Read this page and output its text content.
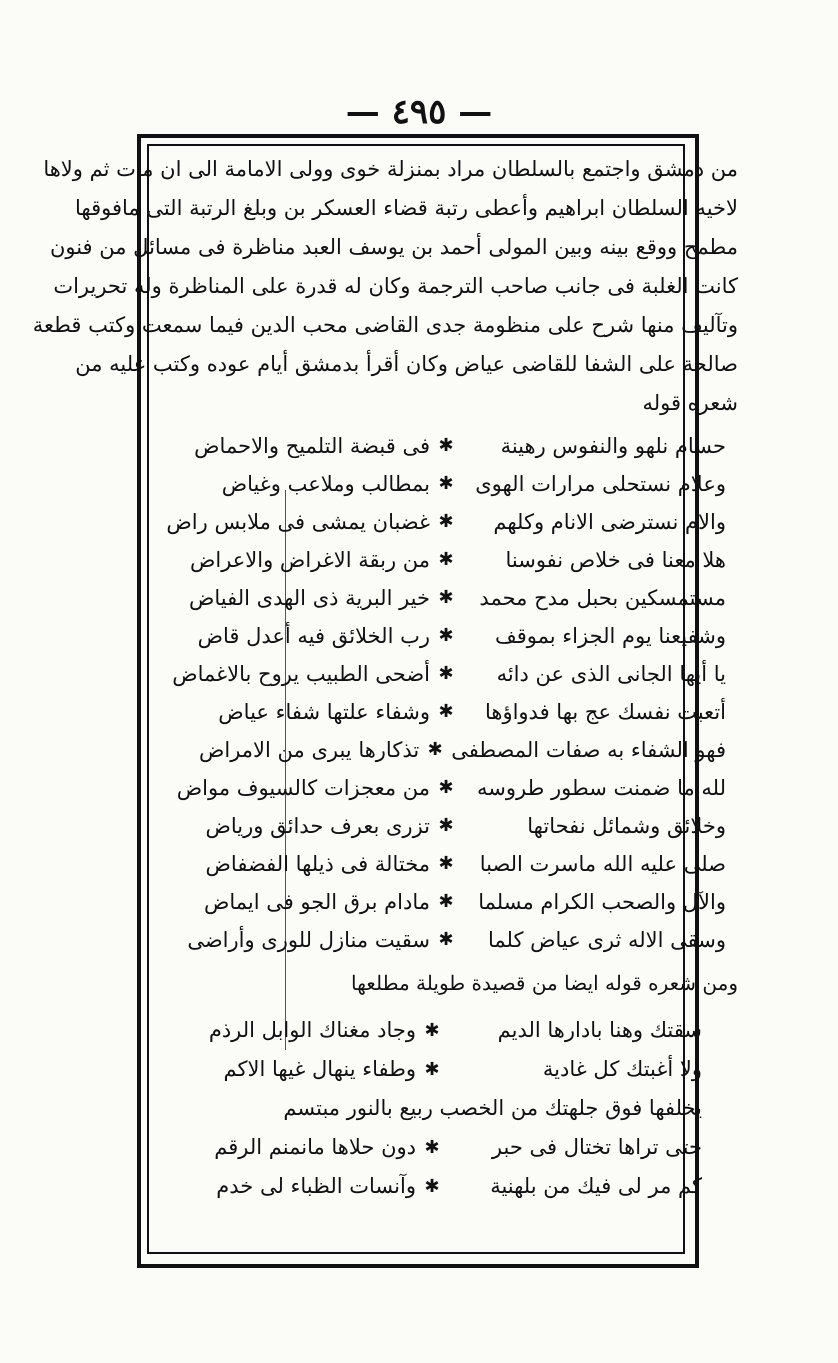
— ٤٩٥ —
من دمشق واجتمع بالسلطان مراد بمنزلة خوى وولى الامامة الى ان مات ثم ولاها
لاخيه السلطان ابراهيم وأعطى رتبة قضاء العسكر بن وبلغ الرتبة التى مافوقها
مطمح ووقع بينه وبين المولى أحمد بن يوسف العبد مناظرة فى مسائل من فنون
كانت الغلبة فى جانب صاحب الترجمة وكان له قدرة على المناظرة وله تحريرات
وتآليف منها شرح على منظومة جدى القاضى محب الدين فيما سمعت وكتب قطعة
صالحة على الشفا للقاضى عياض وكان أقرأ بدمشق أيام عوده وكتب عليه من
شعره قوله
حسام نلهو والنفوس رهينة
✱
فى قبضة التلميح والاحماض
وعلام نستحلى مرارات الهوى
✱
بمطالب وملاعب وغياض
والام نسترضى الانام وكلهم
✱
غضبان يمشى فى ملابس راض
هلا معنا فى خلاص نفوسنا
✱
من ربقة الاغراض والاعراض
مستمسكين بحبل مدح محمد
✱
خير البرية ذى الهدى الفياض
وشفيعنا يوم الجزاء بموقف
✱
رب الخلائق فيه أعدل قاض
يا أيها الجانى الذى عن دائه
✱
أضحى الطبيب يروح بالاغماض
أتعبت نفسك عج بها فدواؤها
✱
وشفاء علتها شفاء عياض
فهو الشفاء به صفات المصطفى
✱
تذكارها يبرى من الامراض
لله ما ضمنت سطور طروسه
✱
من معجزات كالسيوف مواض
وخلائق وشمائل نفحاتها
✱
تزرى بعرف حدائق ورياض
صلى عليه الله ماسرت الصبا
✱
مختالة فى ذيلها الفضفاض
والآل والصحب الكرام مسلما
✱
مادام برق الجو فى ايماض
وسقى الاله ثرى عياض كلما
✱
سقيت منازل للورى وأراضى
ومن شعره قوله ايضا من قصيدة طويلة مطلعها
سقتك وهنا بادارها الديم
✱
وجاد مغناك الوابل الرذم
ولا أغبتك كل غادية
✱
وطفاء ينهال غيها الاكم
يخلفها فوق جلهتك من الخصب ربيع بالنور مبتسم
حتى تراها تختال فى حبر
✱
دون حلاها مانمنم الرقم
كم مر لى فيك من بلهنية
✱
وآنسات الظباء لى خدم
